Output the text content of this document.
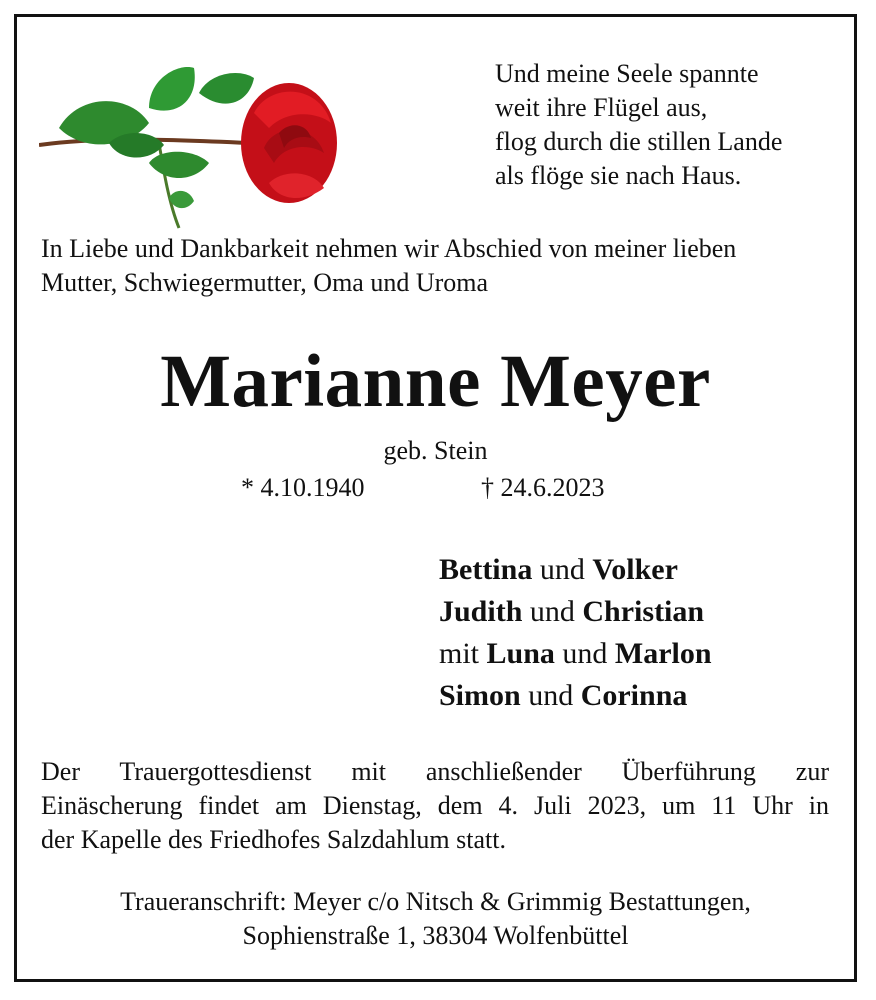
Und meine Seele spannte
weit ihre Flügel aus,
flog durch die stillen Lande
als flöge sie nach Haus.
In Liebe und Dankbarkeit nehmen wir Abschied von meiner lieben
Mutter, Schwiegermutter, Oma und Uroma
Marianne Meyer
geb. Stein
* 4.10.1940	† 24.6.2023
Bettina und Volker
Judith und Christian
mit Luna und Marlon
Simon und Corinna
Der Trauergottesdienst mit anschließender Überführung zur
Einäscherung findet am Dienstag, dem 4. Juli 2023, um 11 Uhr in
der Kapelle des Friedhofes Salzdahlum statt.
Traueranschrift: Meyer c/o Nitsch & Grimmig Bestattungen,
Sophienstraße 1, 38304 Wolfenbüttel
